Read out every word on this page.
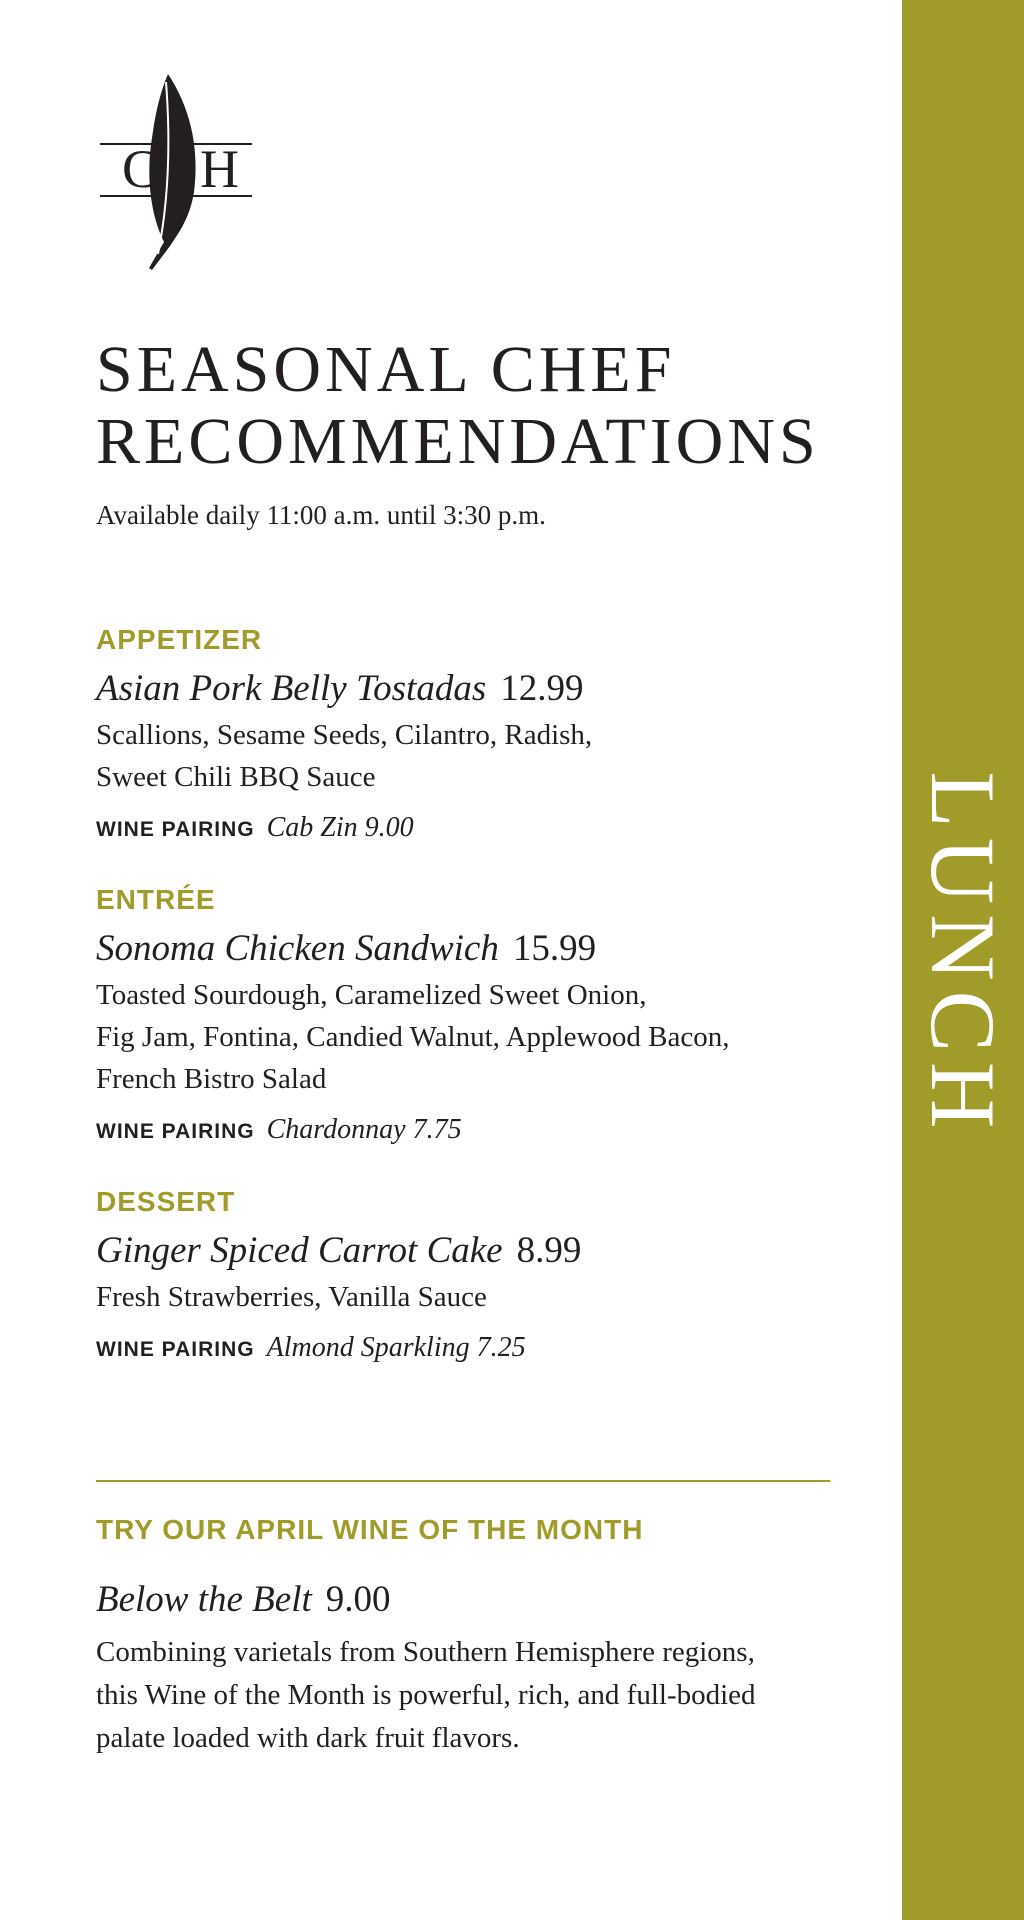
LUNCH
C H
SEASONAL CHEF
RECOMMENDATIONS

Available daily 11:00 a.m. until 3:30 p.m.

APPETIZER

Asian Pork Belly Tostadas 12.99

Scallions, Sesame Seeds, Cilantro, Radish,
Sweet Chili BBQ Sauce

WINE PAIRING Cab Zin 9.00

ENTRÉE

Sonoma Chicken Sandwich 15.99

Toasted Sourdough, Caramelized Sweet Onion,
Fig Jam, Fontina, Candied Walnut, Applewood Bacon,
French Bistro Salad

WINE PAIRING Chardonnay 7.75

DESSERT

Ginger Spiced Carrot Cake 8.99

Fresh Strawberries, Vanilla Sauce

WINE PAIRING Almond Sparkling 7.25

TRY OUR APRIL WINE OF THE MONTH

Below the Belt 9.00

Combining varietals from Southern Hemisphere regions,
this Wine of the Month is powerful, rich, and full-bodied
palate loaded with dark fruit flavors.
